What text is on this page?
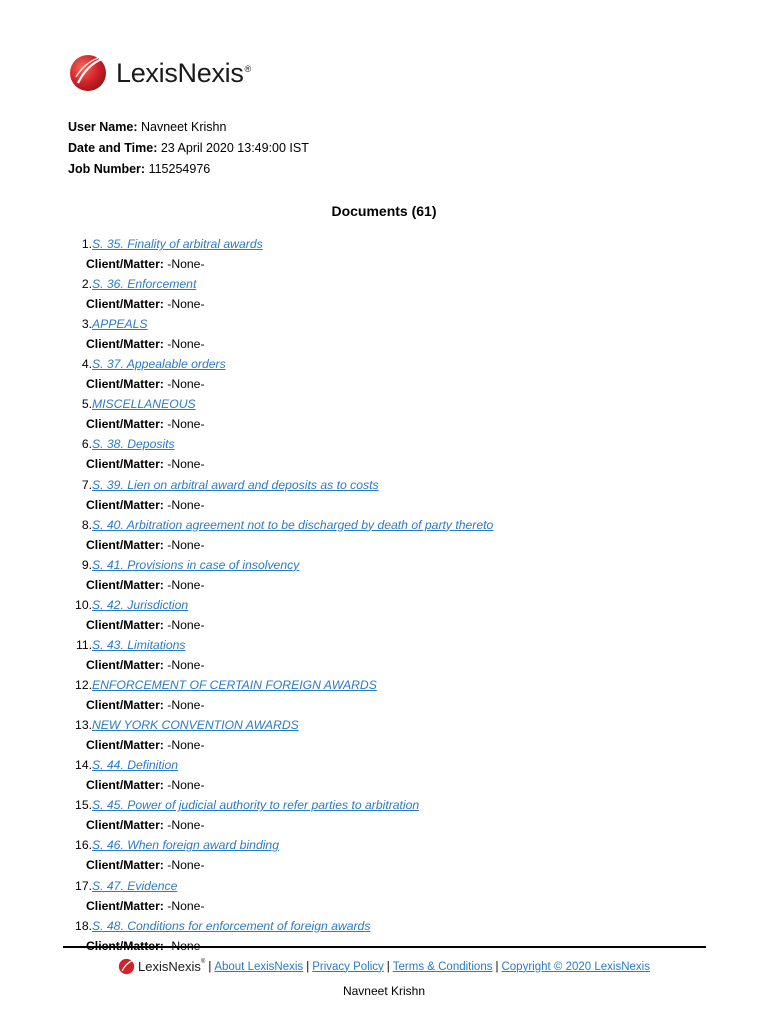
LexisNexis®
User Name: Navneet Krishn
Date and Time: 23 April 2020 13:49:00 IST
Job Number: 115254976
Documents (61)
1. S. 35. Finality of arbitral awards
Client/Matter: -None-
2. S. 36. Enforcement
Client/Matter: -None-
3. APPEALS
Client/Matter: -None-
4. S. 37. Appealable orders
Client/Matter: -None-
5. MISCELLANEOUS
Client/Matter: -None-
6. S. 38. Deposits
Client/Matter: -None-
7. S. 39. Lien on arbitral award and deposits as to costs
Client/Matter: -None-
8. S. 40. Arbitration agreement not to be discharged by death of party thereto
Client/Matter: -None-
9. S. 41. Provisions in case of insolvency
Client/Matter: -None-
10. S. 42. Jurisdiction
Client/Matter: -None-
11. S. 43. Limitations
Client/Matter: -None-
12. ENFORCEMENT OF CERTAIN FOREIGN AWARDS
Client/Matter: -None-
13. NEW YORK CONVENTION AWARDS
Client/Matter: -None-
14. S. 44. Definition
Client/Matter: -None-
15. S. 45. Power of judicial authority to refer parties to arbitration
Client/Matter: -None-
16. S. 46. When foreign award binding
Client/Matter: -None-
17. S. 47. Evidence
Client/Matter: -None-
18. S. 48. Conditions for enforcement of foreign awards
LexisNexis® | About LexisNexis | Privacy Policy | Terms & Conditions | Copyright © 2020 LexisNexis
Navneet Krishn
